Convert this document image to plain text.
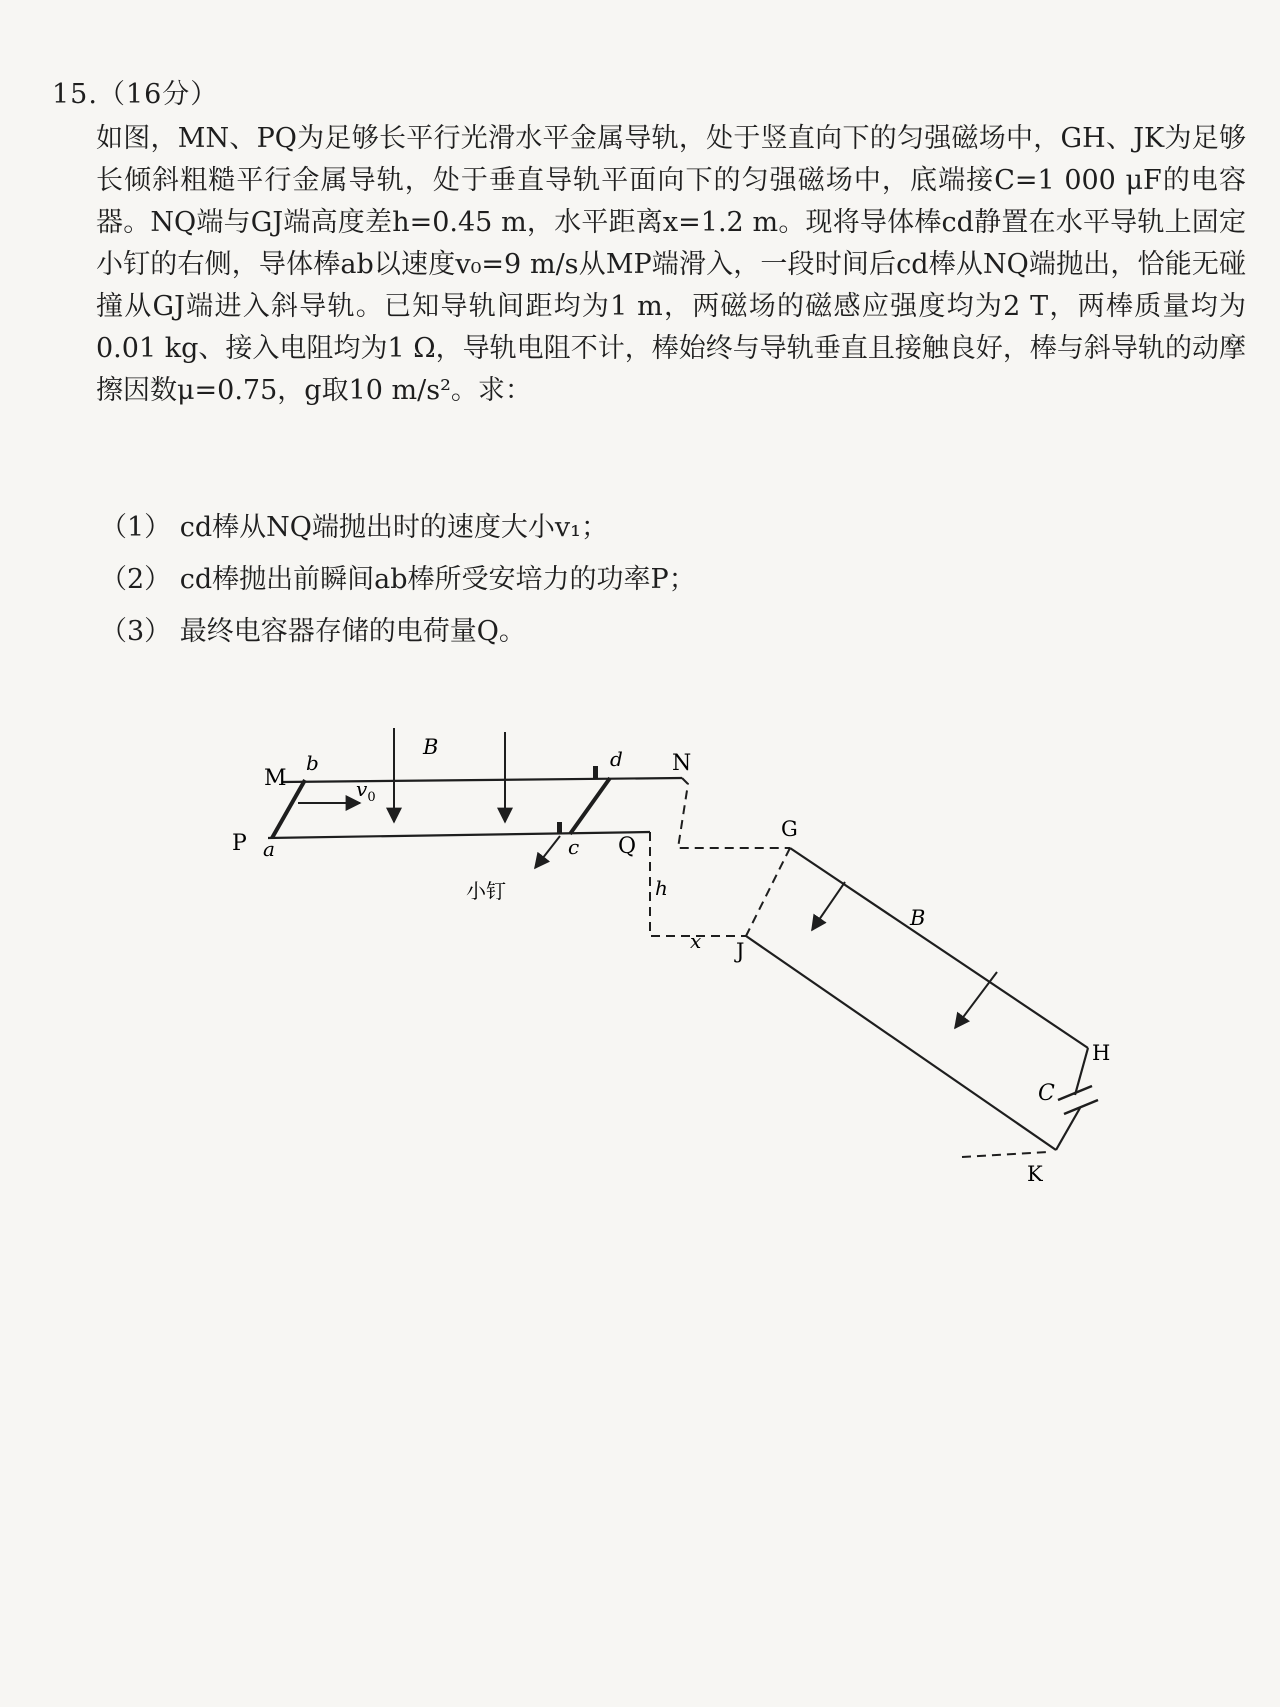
15.（16分）

如图，MN、PQ为足够长平行光滑水平金属导轨，处于竖直向下的匀强磁场中，GH、JK为足够长倾斜粗糙平行金属导轨，处于垂直导轨平面向下的匀强磁场中，底端接C=1 000 μF的电容器。NQ端与GJ端高度差h=0.45 m，水平距离x=1.2 m。现将导体棒cd静置在水平导轨上固定小钉的右侧，导体棒ab以速度v₀=9 m/s从MP端滑入，一段时间后cd棒从NQ端抛出，恰能无碰撞从GJ端进入斜导轨。已知导轨间距均为1 m，两磁场的磁感应强度均为2 T，两棒质量均为0.01 kg、接入电阻均为1 Ω，导轨电阻不计，棒始终与导轨垂直且接触良好，棒与斜导轨的动摩擦因数μ=0.75，g取10 m/s²。求：

（1） cd棒从NQ端抛出时的速度大小v₁；

（2） cd棒抛出前瞬间ab棒所受安培力的功率P；

（3） 最终电容器存储的电荷量Q。

M
b
B	d N
$v_0$
P a	c Q
h
小钉
x J
G
B
H
C
K
